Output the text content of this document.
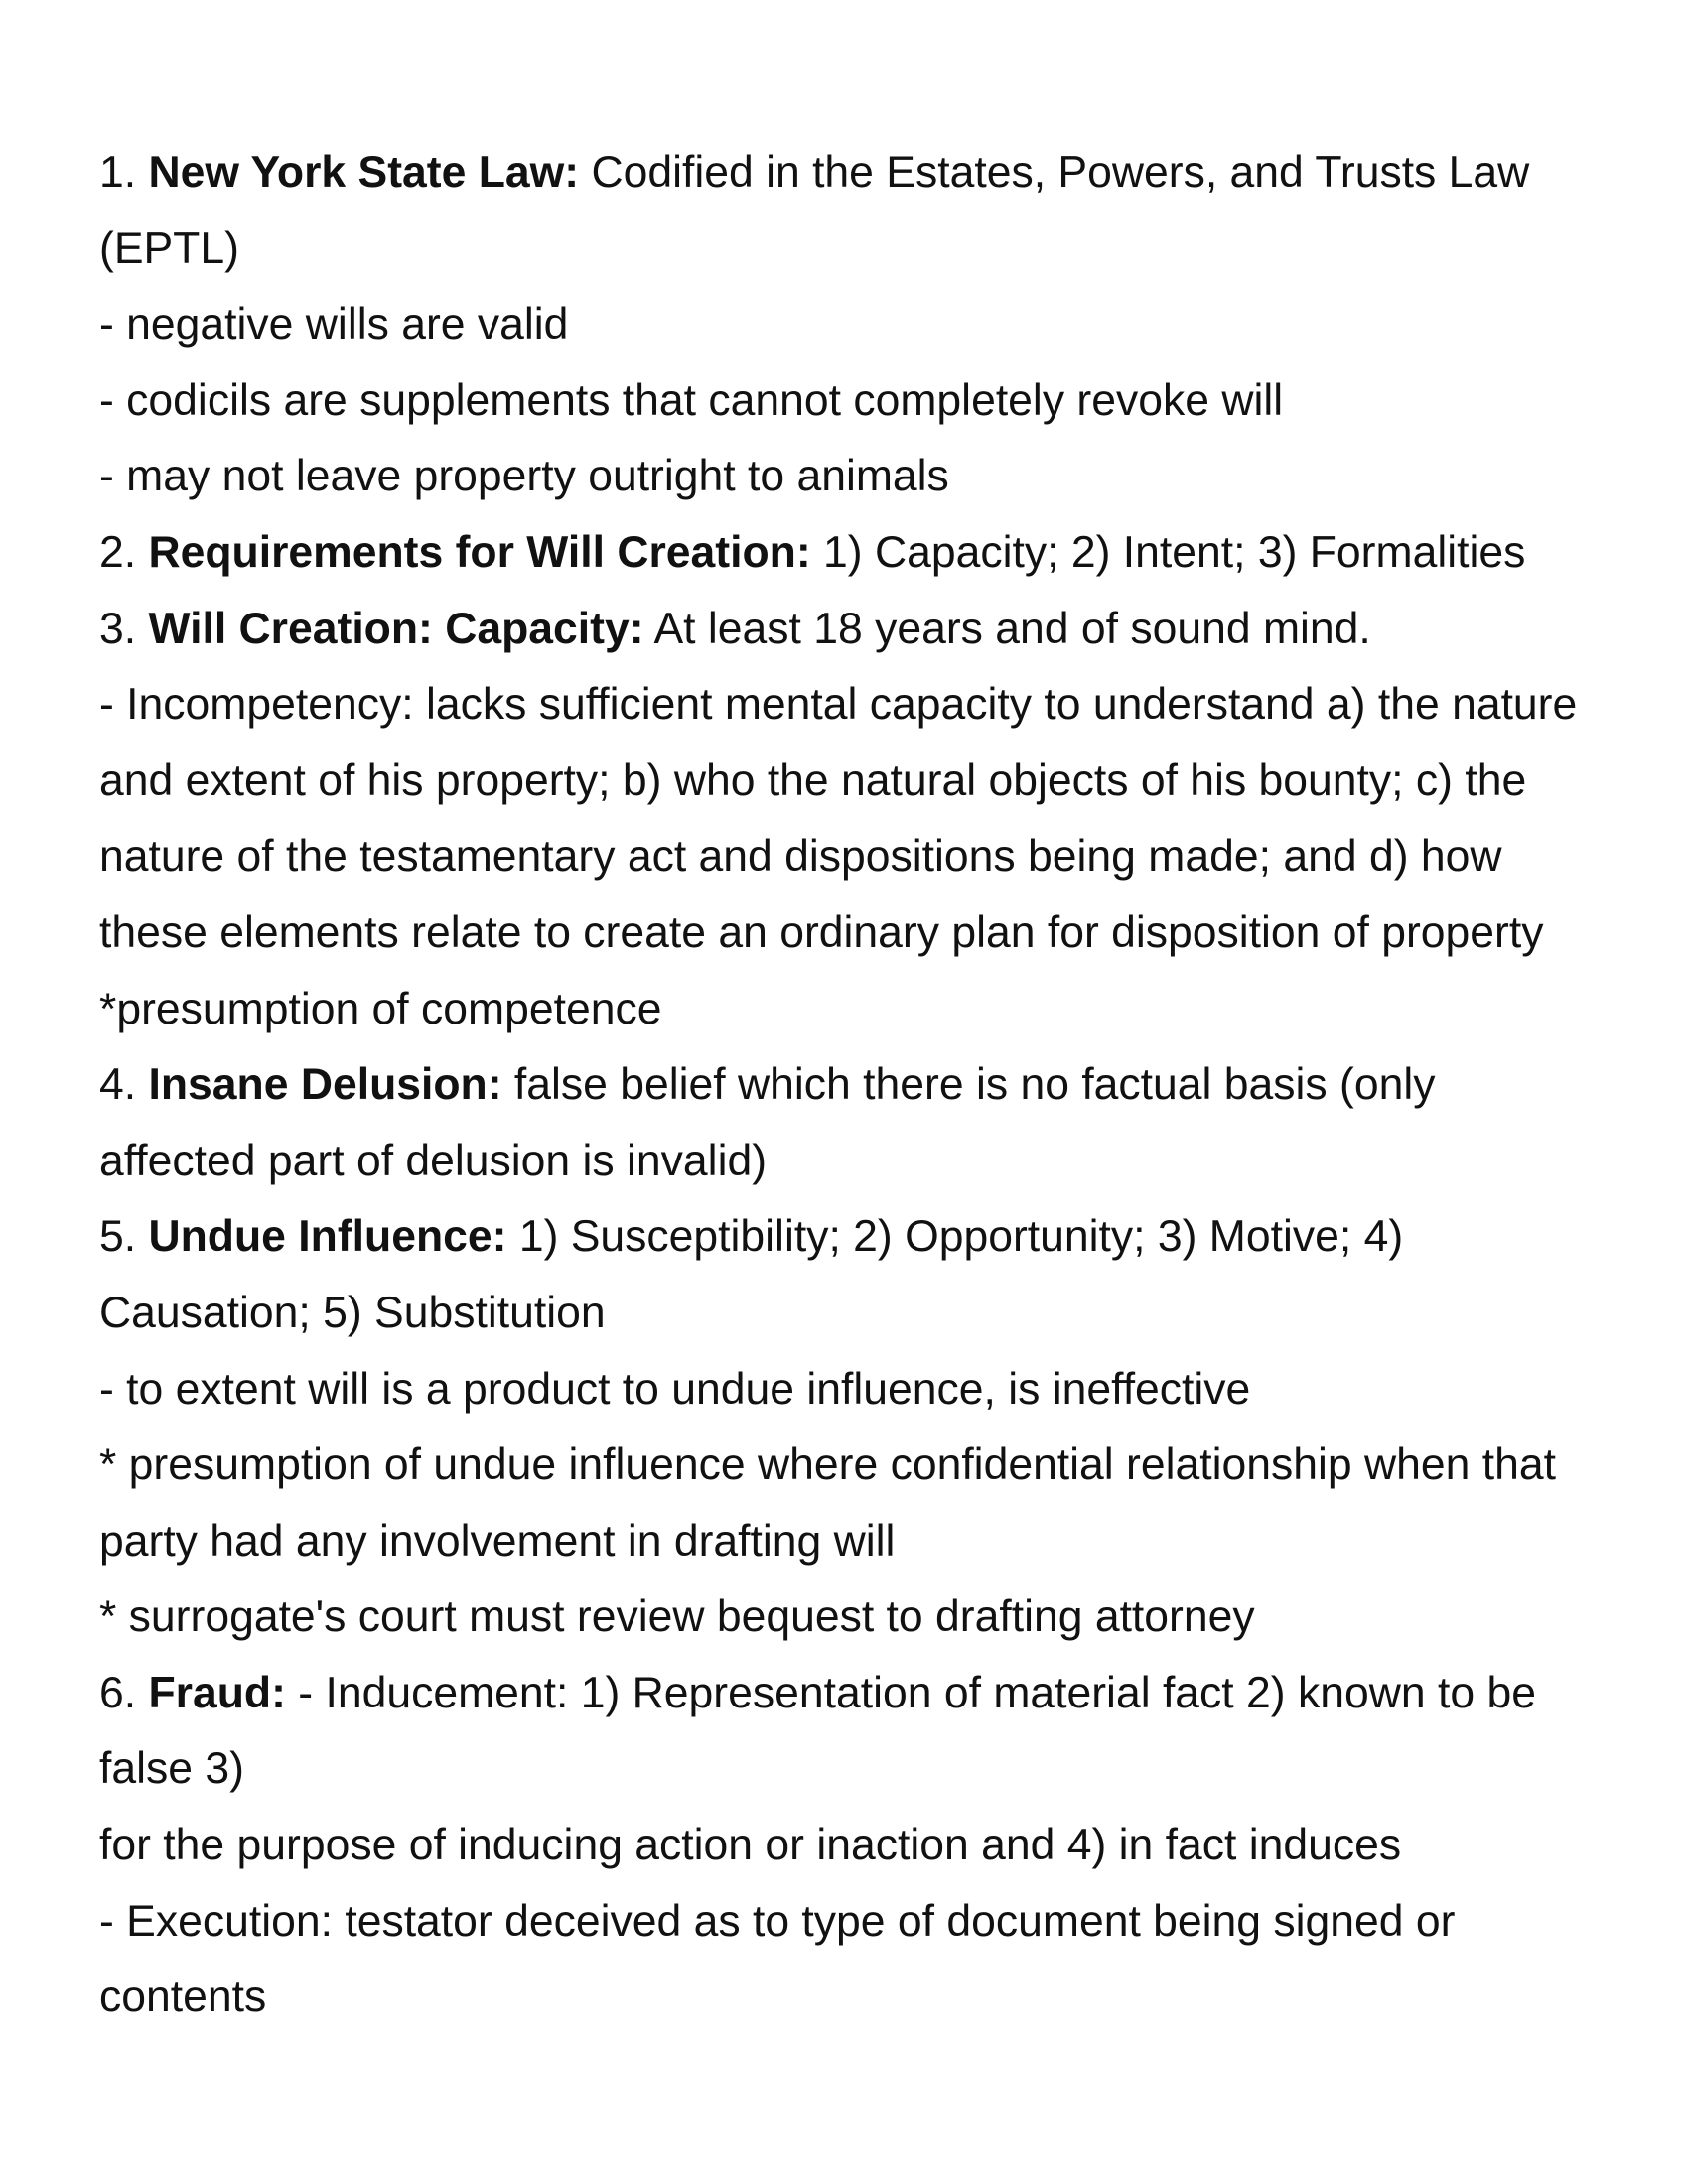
1. New York State Law: Codified in the Estates, Powers, and Trusts Law
(EPTL)
- negative wills are valid
- codicils are supplements that cannot completely revoke will
- may not leave property outright to animals
2. Requirements for Will Creation: 1) Capacity; 2) Intent; 3) Formalities
3. Will Creation: Capacity: At least 18 years and of sound mind.
- Incompetency: lacks sufficient mental capacity to understand a) the nature
and extent of his property; b) who the natural objects of his bounty; c) the
nature of the testamentary act and dispositions being made; and d) how
these elements relate to create an ordinary plan for disposition of property
*presumption of competence
4. Insane Delusion: false belief which there is no factual basis (only
affected part of delusion is invalid)
5. Undue Influence: 1) Susceptibility; 2) Opportunity; 3) Motive; 4)
Causation; 5) Substitution
- to extent will is a product to undue influence, is ineffective
* presumption of undue influence where confidential relationship when that
party had any involvement in drafting will
* surrogate's court must review bequest to drafting attorney
6. Fraud: - Inducement: 1) Representation of material fact 2) known to be
false 3)
for the purpose of inducing action or inaction and 4) in fact induces
- Execution: testator deceived as to type of document being signed or
contents
